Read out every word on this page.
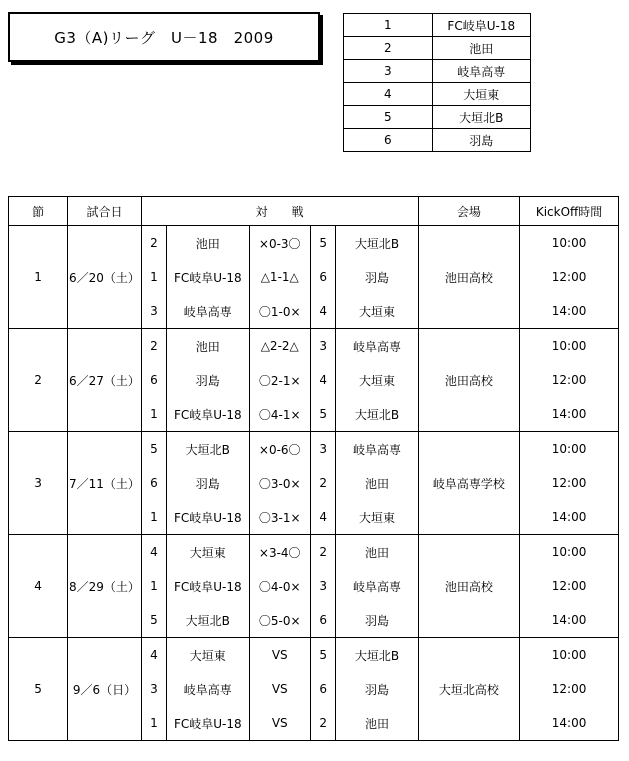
G3（A)リーグ　U－18　2009
1	FC岐阜U-18
2	池田
3	岐阜高専
4	大垣東
5	大垣北B
6	羽島
節	試合日	対　　戦					会場	KickOff時間
1	6／20（土）	2	池田	×0-3〇	5	大垣北B	池田高校	10:00
		1	FC岐阜U-18	△1-1△	6	羽島		12:00
		3	岐阜高専	〇1-0×	4	大垣東		14:00
2	6／27（土）	2	池田	△2-2△	3	岐阜高専	池田高校	10:00
		6	羽島	〇2-1×	4	大垣東		12:00
		1	FC岐阜U-18	〇4-1×	5	大垣北B		14:00
3	7／11（土）	5	大垣北B	×0-6〇	3	岐阜高専	岐阜高専学校	10:00
		6	羽島	〇3-0×	2	池田		12:00
		1	FC岐阜U-18	〇3-1×	4	大垣東		14:00
4	8／29（土）	4	大垣東	×3-4〇	2	池田	池田高校	10:00
		1	FC岐阜U-18	〇4-0×	3	岐阜高専		12:00
		5	大垣北B	〇5-0×	6	羽島		14:00
5	9／6（日）	4	大垣東	VS	5	大垣北B	大垣北高校	10:00
		3	岐阜高専	VS	6	羽島		12:00
		1	FC岐阜U-18	VS	2	池田		14:00
